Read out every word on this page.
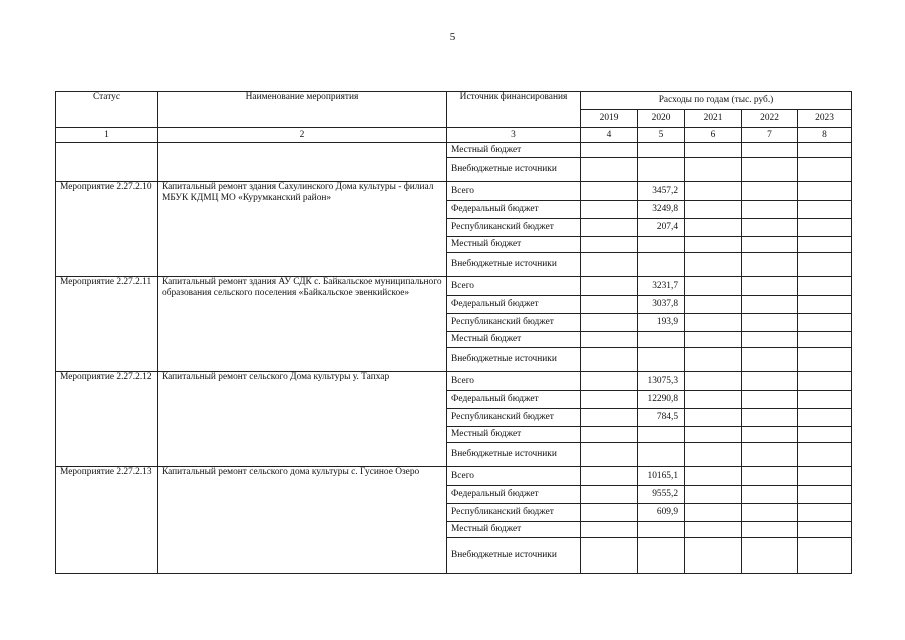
5
Статус	Наименование мероприятия	Источник финансирования	Расходы по годам (тыс. руб.)				
			2019	2020	2021	2022	2023
1	2	3	4	5	6	7	8
		Местный бюджет					
		Внебюджетные источники					
Мероприятие 2.27.2.10	Капитальный ремонт здания Сахулинского Дома культуры - филиал МБУК КДМЦ МО «Курумканский район»	Всего		3457,2			
		Федеральный бюджет		3249,8			
		Республиканский бюджет		207,4			
		Местный бюджет					
		Внебюджетные источники					
Мероприятие 2.27.2.11	Капитальный ремонт здания АУ СДК с. Байкальское муниципального образования сельского поселения «Байкальское эвенкийское»	Всего		3231,7			
		Федеральный бюджет		3037,8			
		Республиканский бюджет		193,9			
		Местный бюджет					
		Внебюджетные источники					
Мероприятие 2.27.2.12	Капитальный ремонт сельского Дома культуры у. Тапхар	Всего		13075,3			
		Федеральный бюджет		12290,8			
		Республиканский бюджет		784,5			
		Местный бюджет					
		Внебюджетные источники					
Мероприятие 2.27.2.13	Капитальный ремонт сельского дома культуры с. Гусиное Озеро	Всего		10165,1			
		Федеральный бюджет		9555,2			
		Республиканский бюджет		609,9			
		Местный бюджет					
		Внебюджетные источники					
